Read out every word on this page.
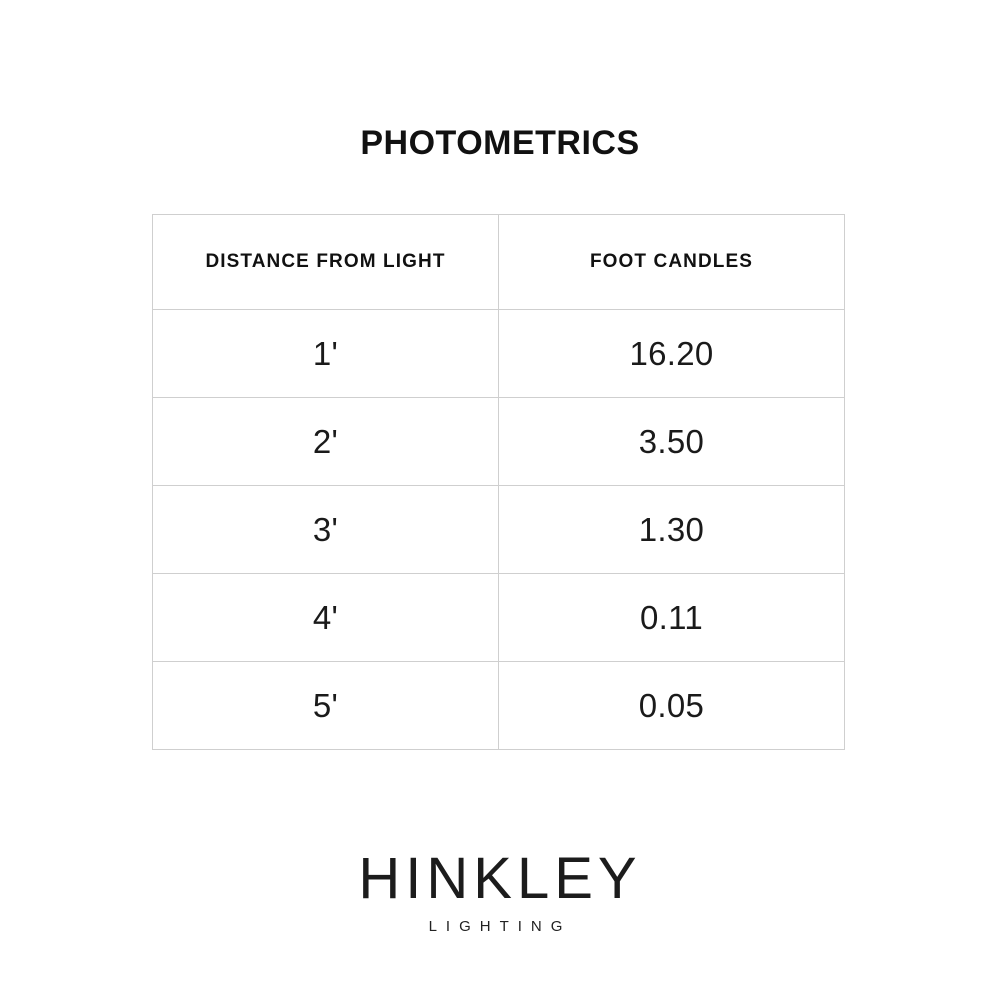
PHOTOMETRICS
DISTANCE FROM LIGHT	FOOT CANDLES
1'	16.20
2'	3.50
3'	1.30
4'	0.11
5'	0.05
HINKLEY
LIGHTING
